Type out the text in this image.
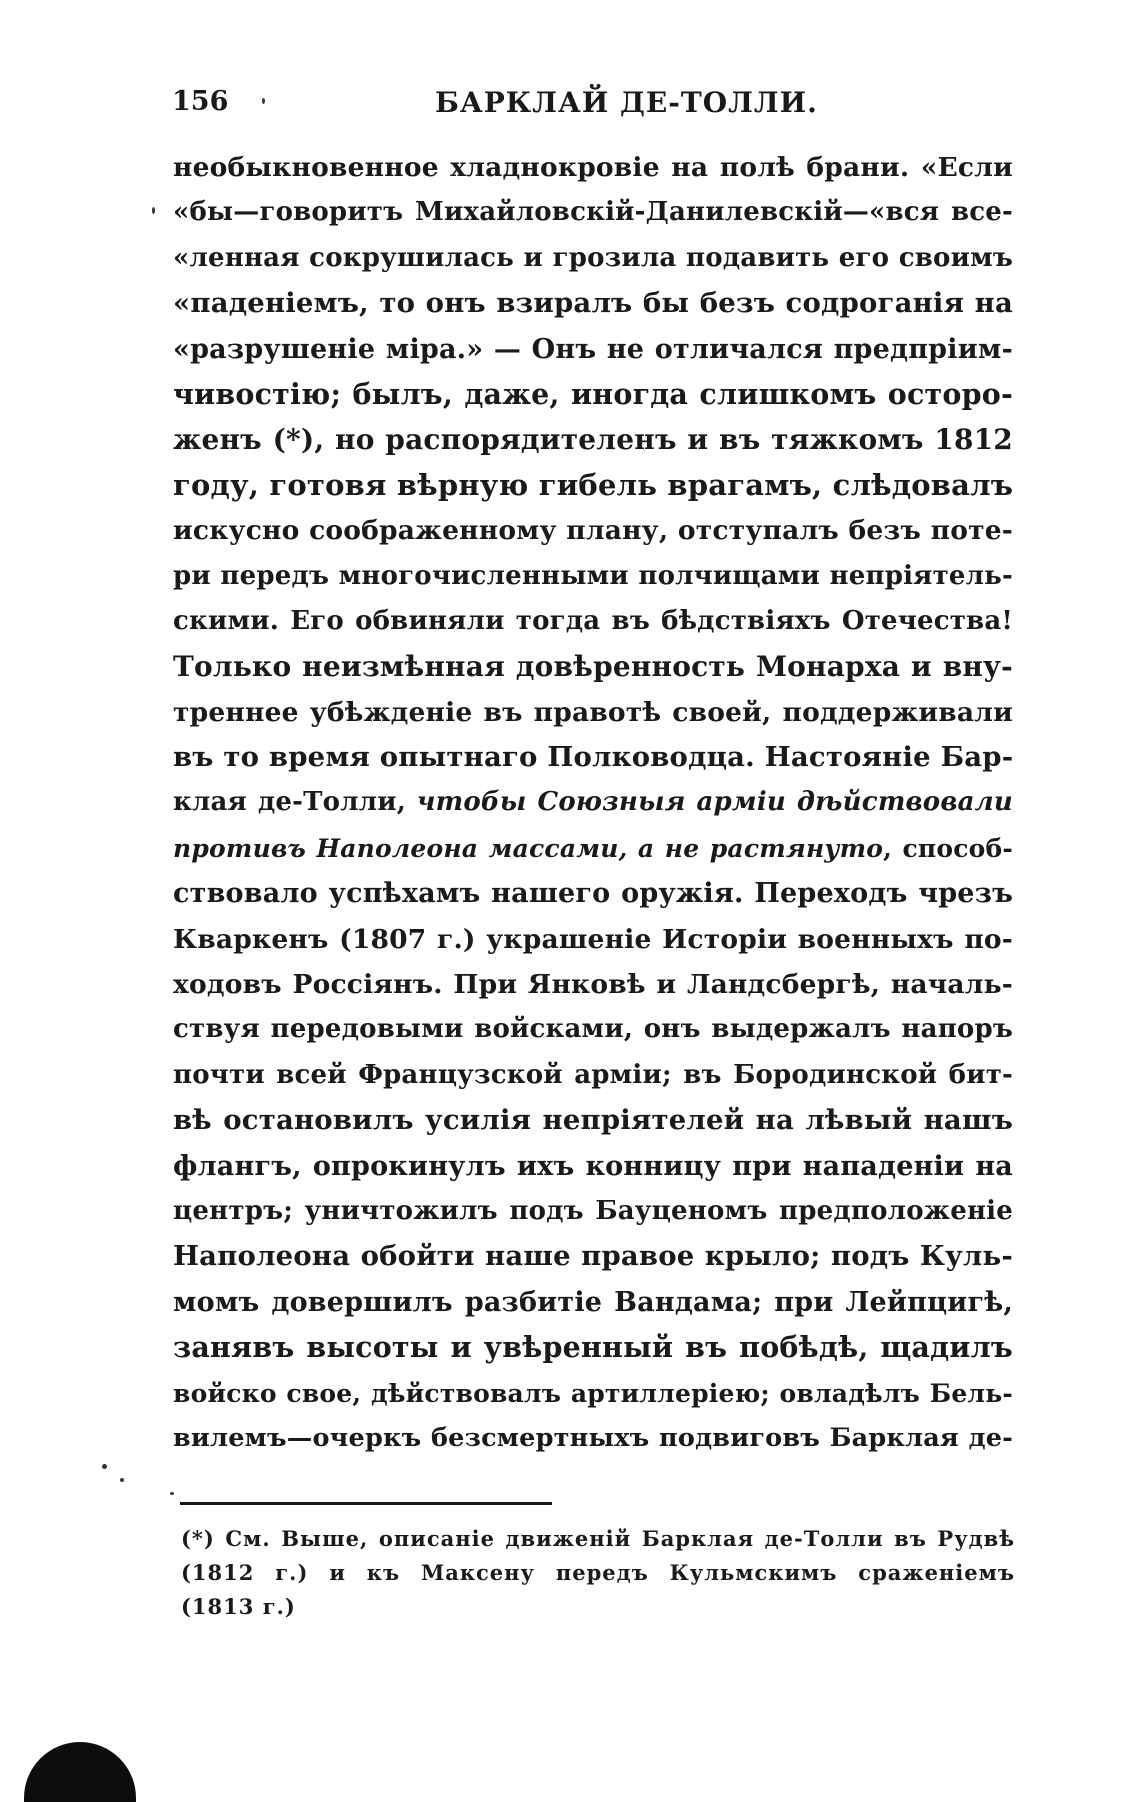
156	БАРКЛАЙ ДЕ-ТОЛЛИ.
необыкновенное хладнокровіе на полѣ брани. «Если
«бы—говоритъ Михайловскій-Данилевскій—«вся все-
«ленная сокрушилась и грозила подавить его своимъ
«паденіемъ, то онъ взиралъ бы безъ содроганія на
«разрушеніе міра.» — Онъ не отличался предпріим-
чивостію; былъ, даже, иногда слишкомъ осторо-
женъ (*), но распорядителенъ и въ тяжкомъ 1812
году, готовя вѣрную гибель врагамъ, слѣдовалъ
искусно соображенному плану, отступалъ безъ поте-
ри передъ многочисленными полчищами непріятель-
скими. Его обвиняли тогда въ бѣдствіяхъ Отечества!
Только неизмѣнная довѣренность Монарха и вну-
треннее убѣжденіе въ правотѣ своей, поддерживали
въ то время опытнаго Полководца. Настояніе Бар-
клая де-Толли, чтобы Союзныя арміи дѣйствовали
противъ Наполеона массами, а не растянуто, способ-
ствовало успѣхамъ нашего оружія. Переходъ чрезъ
Кваркенъ (1807 г.) украшеніе Исторіи военныхъ по-
ходовъ Россіянъ. При Янковѣ и Ландсбергѣ, началь-
ствуя передовыми войсками, онъ выдержалъ напоръ
почти всей Французской арміи; въ Бородинской бит-
вѣ остановилъ усилія непріятелей на лѣвый нашъ
флангъ, опрокинулъ ихъ конницу при нападеніи на
центръ; уничтожилъ подъ Бауценомъ предположеніе
Наполеона обойти наше правое крыло; подъ Куль-
момъ довершилъ разбитіе Вандама; при Лейпцигѣ,
занявъ высоты и увѣренный въ побѣдѣ, щадилъ
войско свое, дѣйствовалъ артиллеріею; овладѣлъ Бель-
вилемъ—очеркъ безсмертныхъ подвиговъ Барклая де-
(*) См. Выше, описаніе движеній Барклая де-Толли въ Рудвѣ
(1812 г.) и къ Максену передъ Кульмскимъ сраженіемъ
(1813 г.)
